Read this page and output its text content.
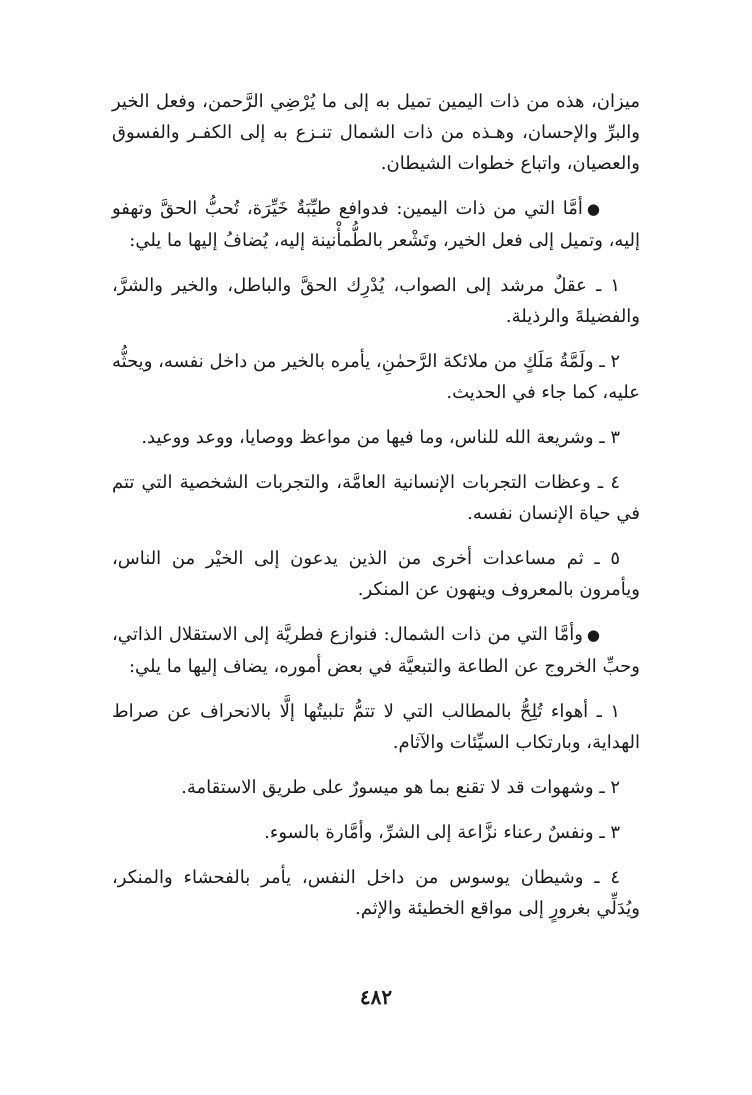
ميزان، هذه من ذات اليمين تميل به إلى ما يُرْضِي الرَّحمن، وفعل الخير والبرِّ والإحسان، وهـذه من ذات الشمال تنـزع به إلى الكفـر والفسوق والعصيان، واتباع خطوات الشيطان.

●أمَّا التي من ذات اليمين: فدوافع طيِّبَةٌ خَيِّرَة، تُحبُّ الحقَّ وتهفو إليه، وتميل إلى فعل الخير، وتَشْعر بالطُّمأْنينة إليه، يُضافُ إليها ما يلي:

١ ـ عقلٌ مرشد إلى الصواب، يُدْرِك الحقَّ والباطل، والخير والشرَّ، والفضيلةَ والرذيلة.

٢ ـ ولَمَّةُ مَلَكٍ من ملائكة الرَّحمٰنِ، يأمره بالخير من داخل نفسه، ويحثُّه عليه، كما جاء في الحديث.

٣ ـ وشريعة الله للناس، وما فيها من مواعظ ووصايا، ووعد ووعيد.

٤ ـ وعظات التجربات الإنسانية العامَّة، والتجربات الشخصية التي تتم في حياة الإنسان نفسه.

٥ ـ ثم مساعدات أخرى من الذين يدعون إلى الخيْر من الناس، ويأمرون بالمعروف وينهون عن المنكر.

●وأمَّا التي من ذات الشمال: فنوازع فطريَّة إلى الاستقلال الذاتي، وحبِّ الخروج عن الطاعة والتبعيَّة في بعض أموره، يضاف إليها ما يلي:

١ ـ أهواء تُلِحُّ بالمطالب التي لا تتمُّ تلبيتُها إلَّا بالانحراف عن صراط الهداية، وبارتكاب السيِّئات والآثام.

٢ ـ وشهوات قد لا تقنع بما هو ميسورٌ على طريق الاستقامة.

٣ ـ ونفسٌ رعناء نزَّاعة إلى الشرِّ، وأمَّارة بالسوء.

٤ ـ وشيطان يوسوس من داخل النفس، يأمر بالفحشاء والمنكر، ويُدَلِّي بغرورٍ إلى مواقع الخطيئة والإثم.

٤٨٢
